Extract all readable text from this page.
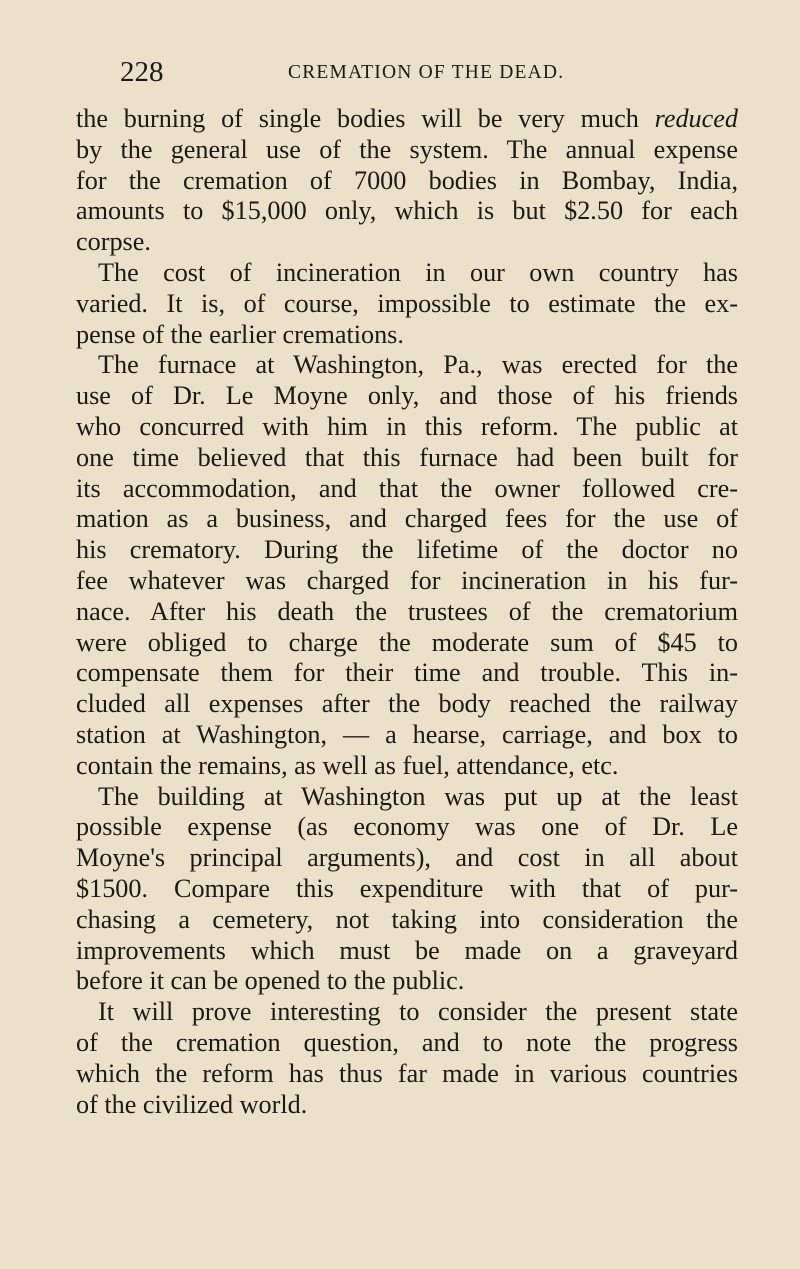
228	CREMATION OF THE DEAD.
the burning of single bodies will be very much reduced
by the general use of the system. The annual expense
for the cremation of 7000 bodies in Bombay, India,
amounts to $15,000 only, which is but $2.50 for each
corpse.
The cost of incineration in our own country has
varied. It is, of course, impossible to estimate the ex-
pense of the earlier cremations.
The furnace at Washington, Pa., was erected for the
use of Dr. Le Moyne only, and those of his friends
who concurred with him in this reform. The public at
one time believed that this furnace had been built for
its accommodation, and that the owner followed cre-
mation as a business, and charged fees for the use of
his crematory. During the lifetime of the doctor no
fee whatever was charged for incineration in his fur-
nace. After his death the trustees of the crematorium
were obliged to charge the moderate sum of $45 to
compensate them for their time and trouble. This in-
cluded all expenses after the body reached the railway
station at Washington, — a hearse, carriage, and box to
contain the remains, as well as fuel, attendance, etc.
The building at Washington was put up at the least
possible expense (as economy was one of Dr. Le
Moyne's principal arguments), and cost in all about
$1500. Compare this expenditure with that of pur-
chasing a cemetery, not taking into consideration the
improvements which must be made on a graveyard
before it can be opened to the public.
It will prove interesting to consider the present state
of the cremation question, and to note the progress
which the reform has thus far made in various countries
of the civilized world.
